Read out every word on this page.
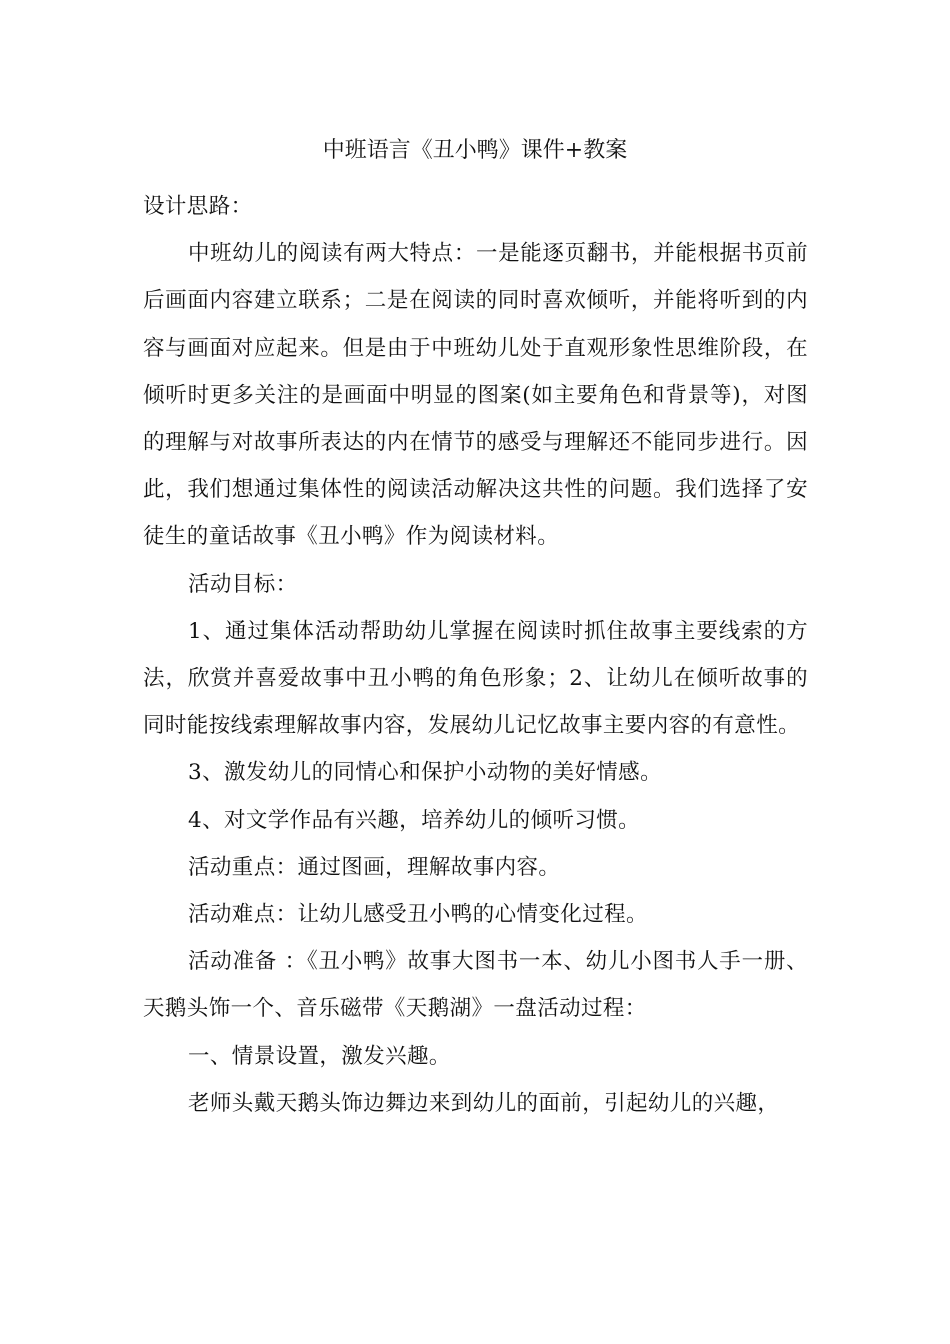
中班语言《丑小鸭》课件+教案

设计思路：

中班幼儿的阅读有两大特点：一是能逐页翻书，并能根据书页前后画面内容建立联系；二是在阅读的同时喜欢倾听，并能将听到的内容与画面对应起来。但是由于中班幼儿处于直观形象性思维阶段，在倾听时更多关注的是画面中明显的图案(如主要角色和背景等)，对图的理解与对故事所表达的内在情节的感受与理解还不能同步进行。因此，我们想通过集体性的阅读活动解决这共性的问题。我们选择了安徒生的童话故事《丑小鸭》作为阅读材料。

活动目标：

1、通过集体活动帮助幼儿掌握在阅读时抓住故事主要线索的方法，欣赏并喜爱故事中丑小鸭的角色形象；2、让幼儿在倾听故事的同时能按线索理解故事内容，发展幼儿记忆故事主要内容的有意性。

3、激发幼儿的同情心和保护小动物的美好情感。

4、对文学作品有兴趣，培养幼儿的倾听习惯。

活动重点：通过图画，理解故事内容。

活动难点：让幼儿感受丑小鸭的心情变化过程。

活动准备 ：《丑小鸭》故事大图书一本、幼儿小图书人手一册、天鹅头饰一个、音乐磁带《天鹅湖》一盘活动过程：

一、情景设置，激发兴趣。

老师头戴天鹅头饰边舞边来到幼儿的面前，引起幼儿的兴趣，
